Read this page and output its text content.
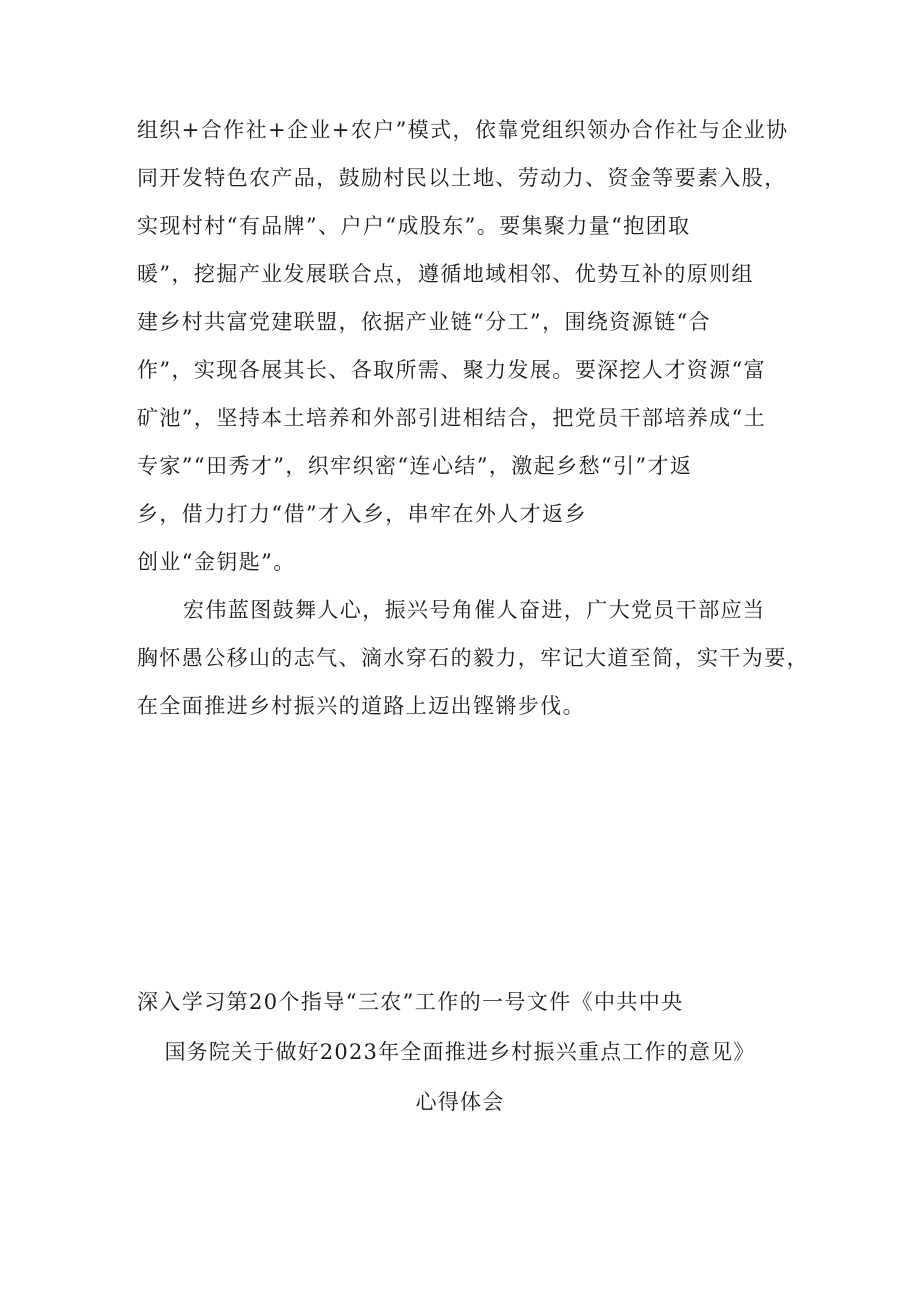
组织+合作社+企业+农户”模式，依靠党组织领办合作社与企业协
同开发特色农产品，鼓励村民以土地、劳动力、资金等要素入股，
实现村村“有品牌”、户户“成股东”。要集聚力量“抱团取
暖”，挖掘产业发展联合点，遵循地域相邻、优势互补的原则组
建乡村共富党建联盟，依据产业链“分工”，围绕资源链“合
作”，实现各展其长、各取所需、聚力发展。要深挖人才资源“富
矿池”，坚持本土培养和外部引进相结合，把党员干部培养成“土
专家”“田秀才”，织牢织密“连心结”，激起乡愁“引”才返
乡，借力打力“借”才入乡，串牢在外人才返乡
创业“金钥匙”。
宏伟蓝图鼓舞人心，振兴号角催人奋进，广大党员干部应当
胸怀愚公移山的志气、滴水穿石的毅力，牢记大道至简，实干为要，
在全面推进乡村振兴的道路上迈出铿锵步伐。
深入学习第20个指导“三农”工作的一号文件《中共中央
国务院关于做好2023年全面推进乡村振兴重点工作的意见》
心得体会
